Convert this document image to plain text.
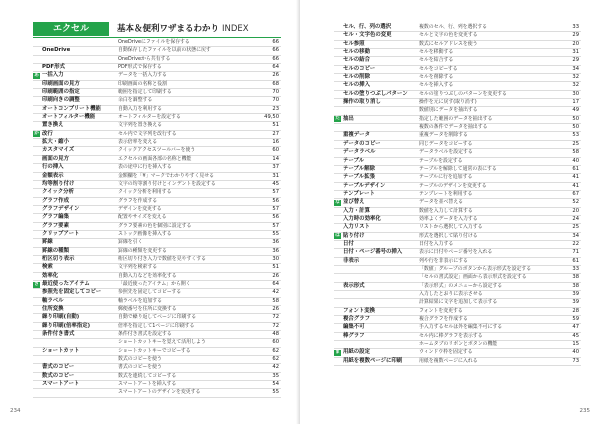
エクセル	基本＆便利ワザまるわかり INDEX
OneDriveにファイルを保存する	66
OneDrive	自動保存したファイルを以前の状態に戻す	66
OneDriveから共有する	66
PDF形式	PDF形式で保存する	64
あ 一括入力	データを一括入力する	26
印刷画面の見方	印刷画面の名称と役割	68
印刷範囲の指定	範囲を指定して印刷する	70
印刷向きの調整	余白を調整する	70
オートコンプリート機能	自動入力を利用する	23
オートフィルター機能	オートフィルターを設定する	49,50
置き換え	文字列を置き換える	51
か 改行	セル内で文字列を改行する	27
拡大・縮小	表示倍率を変える	16
カスタマイズ	クイックアクセスツールバーを使う	60
画面の見方	エクセルの画面各部の名称と機能	14
行の挿入	表の途中に行を挿入する	37
金額表示	金額欄を「¥」マークでわかりやすく見せる	31
均等割り付け	文字の均等割り付けとインデントを設定する	45
クイック分析	クイック分析を利用する	57
グラフ作成	グラフを作成する	56
グラフデザイン	デザインを変更する	57
グラフ編集	配置やサイズを変える	56
グラフ要素	グラフ要素の色を個別に設定する	57
クリップアート	ストック画像を挿入する	55
罫線	罫線を引く	36
罫線の種類	罫線の種類を変更する	36
桁区切り表示	桁区切り付き入力で数値を見やすくする	30
検索	文字列を検索する	51
効率化	自動入力などを効率化する	26
さ 最近使ったアイテム	「最近使ったアイテム」から開く	64
参照先を固定してコピー	参照先を固定してコピーする	42
軸ラベル	軸ラベルを追加する	58
住所変換	郵便番号を住所に変換する	26
繰り印刷(自動)	自動で繰り返してページに印刷する	72
繰り印刷(倍率指定)	倍率を指定して1ページに印刷する	72
条件付き書式	条件付き書式を設定する	48
ショートカットキーを覚えて活用しよう	60
ショートカット	ショートカットキーでコピーする	62
数式のコピーを使う	62
書式のコピー	書式のコピーを使う	42
数式のコピー	数式を連続してコピーする	35
スマートアート	スマートアートを挿入する	54
スマートアートのデザインを変更する	55
234
セル、行、列の選択	複数のセル、行、列を選択する	33
セル・文字色の変更	セルと文字の色を変更する	29
セル参照	数式にセルアドレスを使う	20
セルの移動	セルを移動する	31
セルの結合	セルを結合する	29
セルのコピー	セルをコピーする	34
セルの削除	セルを削除する	32
セルの挿入	セルを挿入する	32
セルの塗りつぶしパターン セルの塗りつぶしのパターンを変更する	30
操作の取り消し	操作を元に戻す(取り消す)	17
数値別にデータを抽出する	49
た 抽出	指定した範囲のデータを抽出する	50
複数の条件でデータを抽出する	50
重複データ	重複データを削除する	53
データのコピー	同じデータをコピーする	25
データラベル	データラベルを設定する	58
テーブル	テーブルを設定する	40
テーブル解除	テーブルを解除して通常の表にする	61
テーブル拡張	テーブルに行を追加する	41
テーブルデザイン	テーブルのデザインを変更する	41
テンプレート	テンプレートを利用する	67
な 並び替え	データを並べ替える	52
入力・計算	数値を入力して計算する	20
入力時の効率化	効率よくデータを入力する	24
入力リスト	リストから選択して入力する	25
は 貼り付け	形式を選択して貼り付ける	34
日付	日付を入力する	22
日付・ページ番号の挿入	表示に日付やページ番号を入れる	71
非表示	列や行を非表示にする	61
「数値」グループのボタンから表示形式を設定する	33
「セルの書式設定」画面から表示形式を設定する	38
表示形式	「表示形式」のメニューから設定する	38
入力したとおりに表示させる	39
計算結果に文字を追加して表示する	39
フォント変換	フォントを変更する	28
複合グラフ	複合グラフを作成する	59
編集不可	手入力するセルは外を編集不可にする	47
棒グラフ	セル内に棒グラフを表示する	45
ホームタブのリボンとボタンの機能	15
ま 用紙の設定	ウィンドウ枠を固定する	40
用紙を複数ページに印刷	用紙を複数ページに入れる	73
235
